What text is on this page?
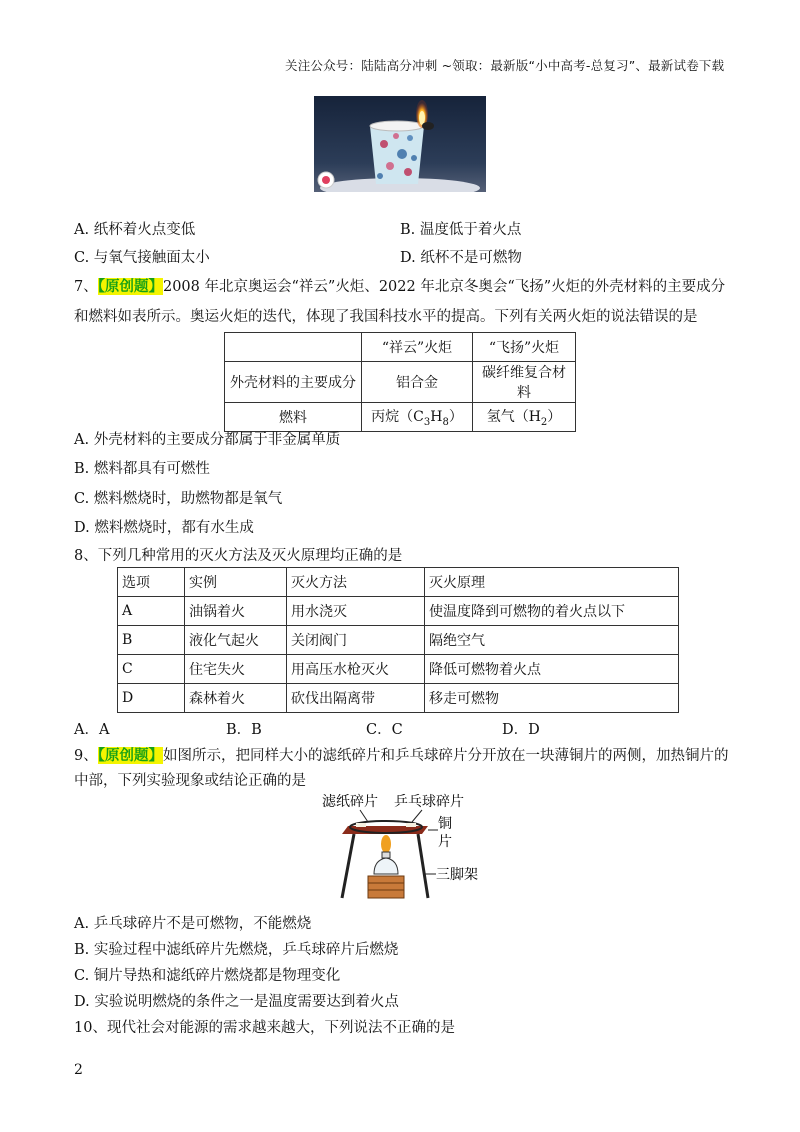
关注公众号：陆陆高分冲刺 ~领取：最新版“小中高考-总复习”、最新试卷下载
A. 纸杯着火点变低	B. 温度低于着火点
C. 与氧气接触面太小	D. 纸杯不是可燃物
7、【原创题】2008 年北京奥运会“祥云”火炬、2022 年北京冬奥会“飞扬”火炬的外壳材料的主要成分
和燃料如表所示。奥运火炬的迭代，体现了我国科技水平的提高。下列有关两火炬的说法错误的是
	“祥云”火炬	“飞扬”火炬
外壳材料的主要成分	铝合金	碳纤维复合材料
燃料	丙烷$(C_3H_8)$	氢气$(H_2)$
A. 外壳材料的主要成分都属于非金属单质
B. 燃料都具有可燃性
C. 燃料燃烧时，助燃物都是氧气
D. 燃料燃烧时，都有水生成
8、下列几种常用的灭火方法及灭火原理均正确的是
选项	实例	灭火方法	灭火原理
A	油锅着火	用水浇灭	使温度降到可燃物的着火点以下
B	液化气起火	关闭阀门	隔绝空气
C	住宅失火	用高压水枪灭火	降低可燃物着火点
D	森林着火	砍伐出隔离带	移走可燃物
A．A	B．B	C．C	D．D
9、【原创题】如图所示，把同样大小的滤纸碎片和乒乓球碎片分开放在一块薄铜片的两侧，加热铜片的
中部，下列实验现象或结论正确的是
滤纸碎片 乒乓球碎片
铜
片
三脚架
A. 乒乓球碎片不是可燃物，不能燃烧
B. 实验过程中滤纸碎片先燃烧，乒乓球碎片后燃烧
C. 铜片导热和滤纸碎片燃烧都是物理变化
D. 实验说明燃烧的条件之一是温度需要达到着火点
10、现代社会对能源的需求越来越大，下列说法不正确的是
2
